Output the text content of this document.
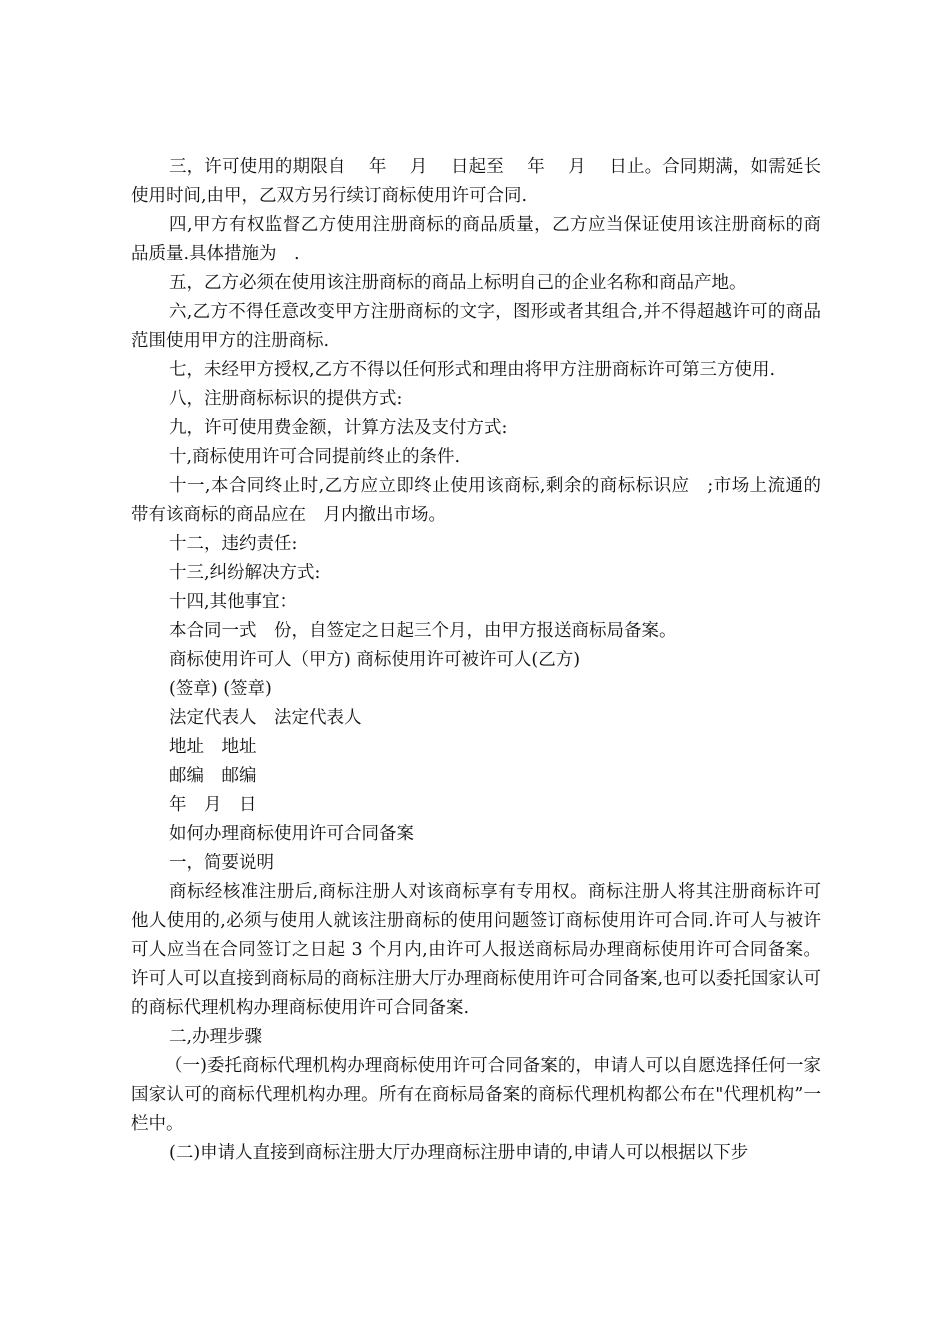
三，许可使用的期限自　 年　 月　 日起至　 年　 月　 日止。合同期满，如需延长使用时间,由甲，乙双方另行续订商标使用许可合同.

四,甲方有权监督乙方使用注册商标的商品质量，乙方应当保证使用该注册商标的商品质量.具体措施为　.

五，乙方必须在使用该注册商标的商品上标明自己的企业名称和商品产地。

六,乙方不得任意改变甲方注册商标的文字，图形或者其组合,并不得超越许可的商品范围使用甲方的注册商标.

七，未经甲方授权,乙方不得以任何形式和理由将甲方注册商标许可第三方使用.

八，注册商标标识的提供方式:

九，许可使用费金额，计算方法及支付方式:

十,商标使用许可合同提前终止的条件.

十一,本合同终止时,乙方应立即终止使用该商标,剩余的商标标识应　;市场上流通的带有该商标的商品应在　月内撤出市场。

十二，违约责任:

十三,纠纷解决方式:

十四,其他事宜：

本合同一式　份，自签定之日起三个月，由甲方报送商标局备案。

商标使用许可人（甲方) 商标使用许可被许可人(乙方)

(签章) (签章)

法定代表人　法定代表人

地址　地址

邮编　邮编

年　月　日

如何办理商标使用许可合同备案

一，简要说明

商标经核准注册后,商标注册人对该商标享有专用权。商标注册人将其注册商标许可他人使用的,必须与使用人就该注册商标的使用问题签订商标使用许可合同.许可人与被许可人应当在合同签订之日起 3 个月内,由许可人报送商标局办理商标使用许可合同备案。许可人可以直接到商标局的商标注册大厅办理商标使用许可合同备案,也可以委托国家认可的商标代理机构办理商标使用许可合同备案.

二,办理步骤

（一)委托商标代理机构办理商标使用许可合同备案的，申请人可以自愿选择任何一家国家认可的商标代理机构办理。所有在商标局备案的商标代理机构都公布在"代理机构”一栏中。

(二)申请人直接到商标注册大厅办理商标注册申请的,申请人可以根据以下步
